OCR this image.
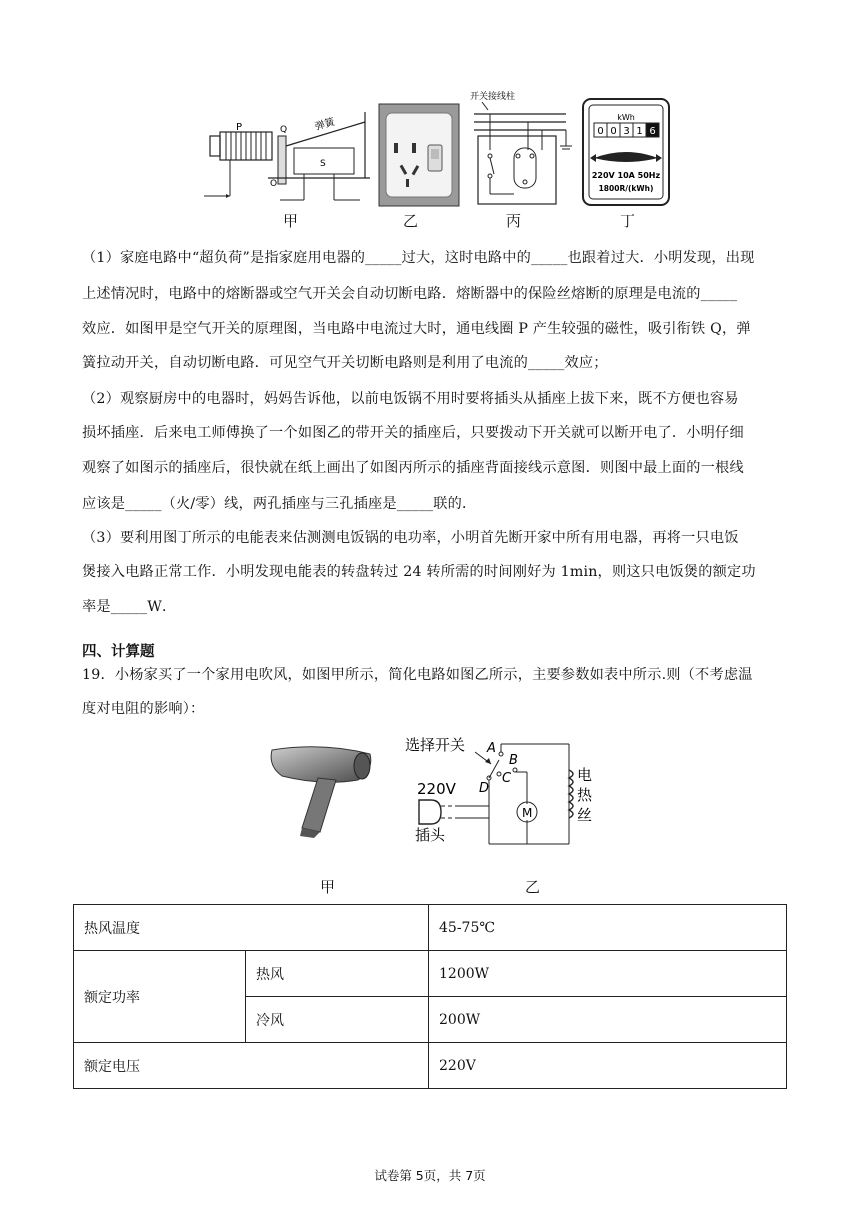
P	Q
O
S
弹簧
甲	乙
开关接线柱
丙
kWh
0 0 3 1 6
220V 10A 50Hz
1800R/(kWh)
丁

（1）家庭电路中“超负荷”是指家庭用电器的_____过大，这时电路中的_____也跟着过大．小明发现，出现

上述情况时，电路中的熔断器或空气开关会自动切断电路．熔断器中的保险丝熔断的原理是电流的_____

效应．如图甲是空气开关的原理图，当电路中电流过大时，通电线圈 P 产生较强的磁性，吸引衔铁 Q，弹

簧拉动开关，自动切断电路．可见空气开关切断电路则是利用了电流的_____效应；

（2）观察厨房中的电器时，妈妈告诉他，以前电饭锅不用时要将插头从插座上拔下来，既不方便也容易

损坏插座．后来电工师傅换了一个如图乙的带开关的插座后，只要拨动下开关就可以断开电了．小明仔细

观察了如图示的插座后，很快就在纸上画出了如图丙所示的插座背面接线示意图．则图中最上面的一根线

应该是_____（火/零）线，两孔插座与三孔插座是_____联的．

（3）要利用图丁所示的电能表来估测测电饭锅的电功率，小明首先断开家中所有用电器，再将一只电饭

煲接入电路正常工作．小明发现电能表的转盘转过 24 转所需的时间刚好为 1min，则这只电饭煲的额定功

率是_____W．

四、计算题

19．小杨家买了一个家用电吹风，如图甲所示，简化电路如图乙所示，主要参数如表中所示.则（不考虑温

度对电阻的影响）：

甲
选择开关 A
B
C
D
M
电
热
丝
220V
插头
乙
热风温度		45-75℃
额定功率	热风	1200W
	冷风	200W
额定电压		220V
试卷第 5页，共 7页
